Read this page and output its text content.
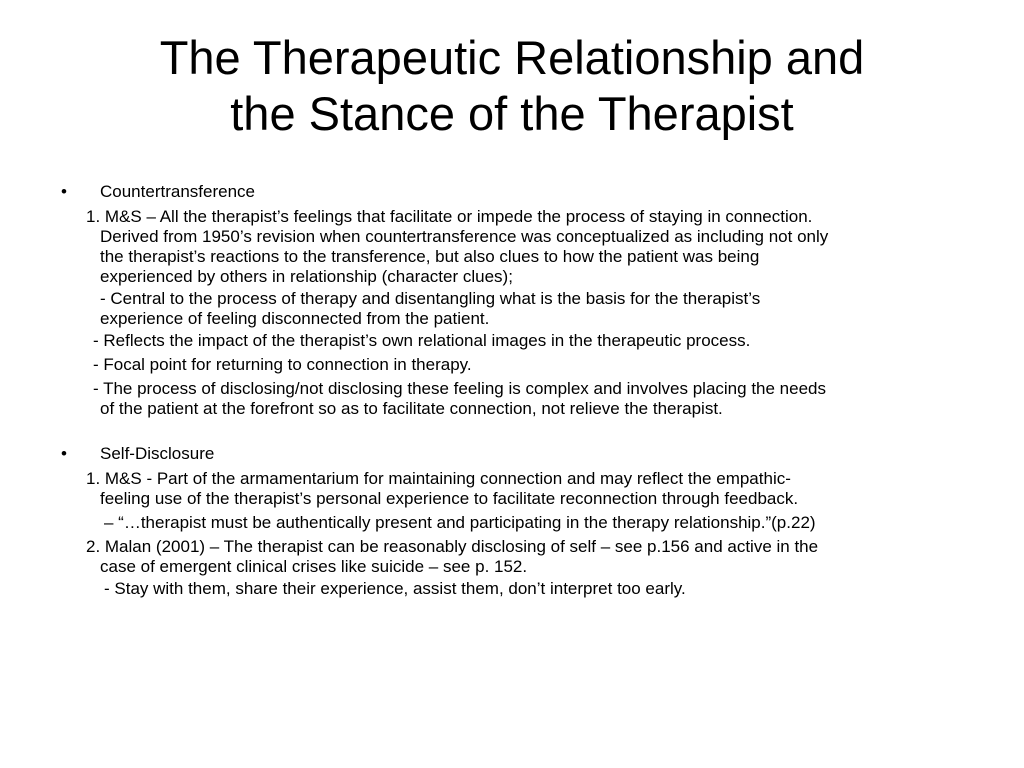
The Therapeutic Relationship and
the Stance of the Therapist
• Countertransference
1. M&S – All the therapist’s feelings that facilitate or impede the process of staying in connection.
Derived from 1950’s revision when countertransference was conceptualized as including not only
the therapist’s reactions to the transference, but also clues to how the patient was being
experienced by others in relationship (character clues);
- Central to the process of therapy and disentangling what is the basis for the therapist’s
experience of feeling disconnected from the patient.
- Reflects the impact of the therapist’s own relational images in the therapeutic process.
- Focal point for returning to connection in therapy.
- The process of disclosing/not disclosing these feeling is complex and involves placing the needs
of the patient at the forefront so as to facilitate connection, not relieve the therapist.
• Self-Disclosure
1. M&S - Part of the armamentarium for maintaining connection and may reflect the empathic-
feeling use of the therapist’s personal experience to facilitate reconnection through feedback.
– “…therapist must be authentically present and participating in the therapy relationship.”(p.22)
2. Malan (2001) – The therapist can be reasonably disclosing of self – see p.156 and active in the
case of emergent clinical crises like suicide – see p. 152.
- Stay with them, share their experience, assist them, don’t interpret too early.
